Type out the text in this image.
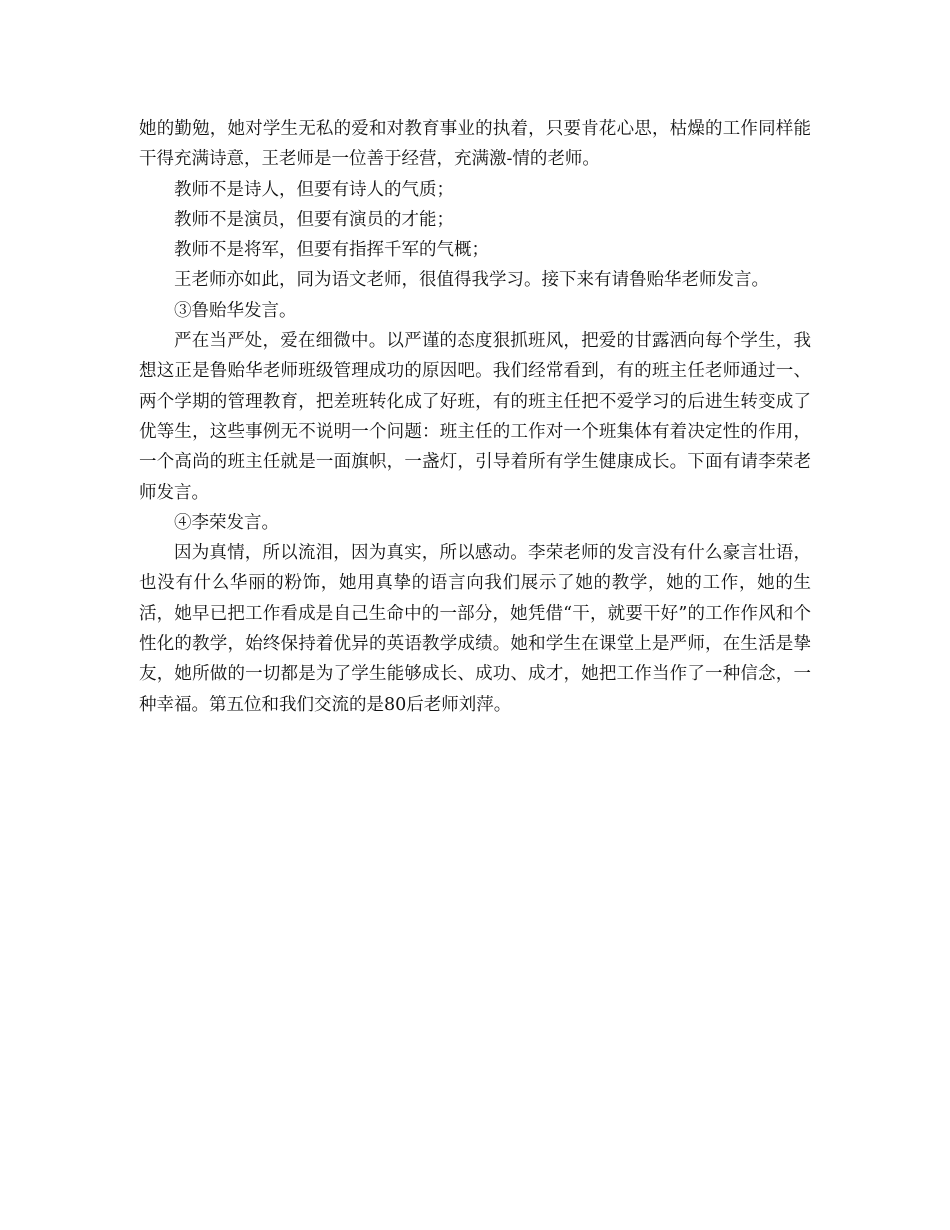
她的勤勉，她对学生无私的爱和对教育事业的执着，只要肯花心思，枯燥的工作同样能干得充满诗意，王老师是一位善于经营，充满激-情的老师。

教师不是诗人，但要有诗人的气质；

教师不是演员，但要有演员的才能；

教师不是将军，但要有指挥千军的气概；

王老师亦如此，同为语文老师，很值得我学习。接下来有请鲁贻华老师发言。

③鲁贻华发言。

严在当严处，爱在细微中。以严谨的态度狠抓班风，把爱的甘露洒向每个学生，我想这正是鲁贻华老师班级管理成功的原因吧。我们经常看到，有的班主任老师通过一、两个学期的管理教育，把差班转化成了好班，有的班主任把不爱学习的后进生转变成了优等生，这些事例无不说明一个问题：班主任的工作对一个班集体有着决定性的作用，一个高尚的班主任就是一面旗帜，一盏灯，引导着所有学生健康成长。下面有请李荣老师发言。

④李荣发言。

因为真情，所以流泪，因为真实，所以感动。李荣老师的发言没有什么豪言壮语，也没有什么华丽的粉饰，她用真挚的语言向我们展示了她的教学，她的工作，她的生活，她早已把工作看成是自己生命中的一部分，她凭借“干，就要干好”的工作作风和个性化的教学，始终保持着优异的英语教学成绩。她和学生在课堂上是严师，在生活是挚友，她所做的一切都是为了学生能够成长、成功、成才，她把工作当作了一种信念，一种幸福。第五位和我们交流的是80后老师刘萍。
